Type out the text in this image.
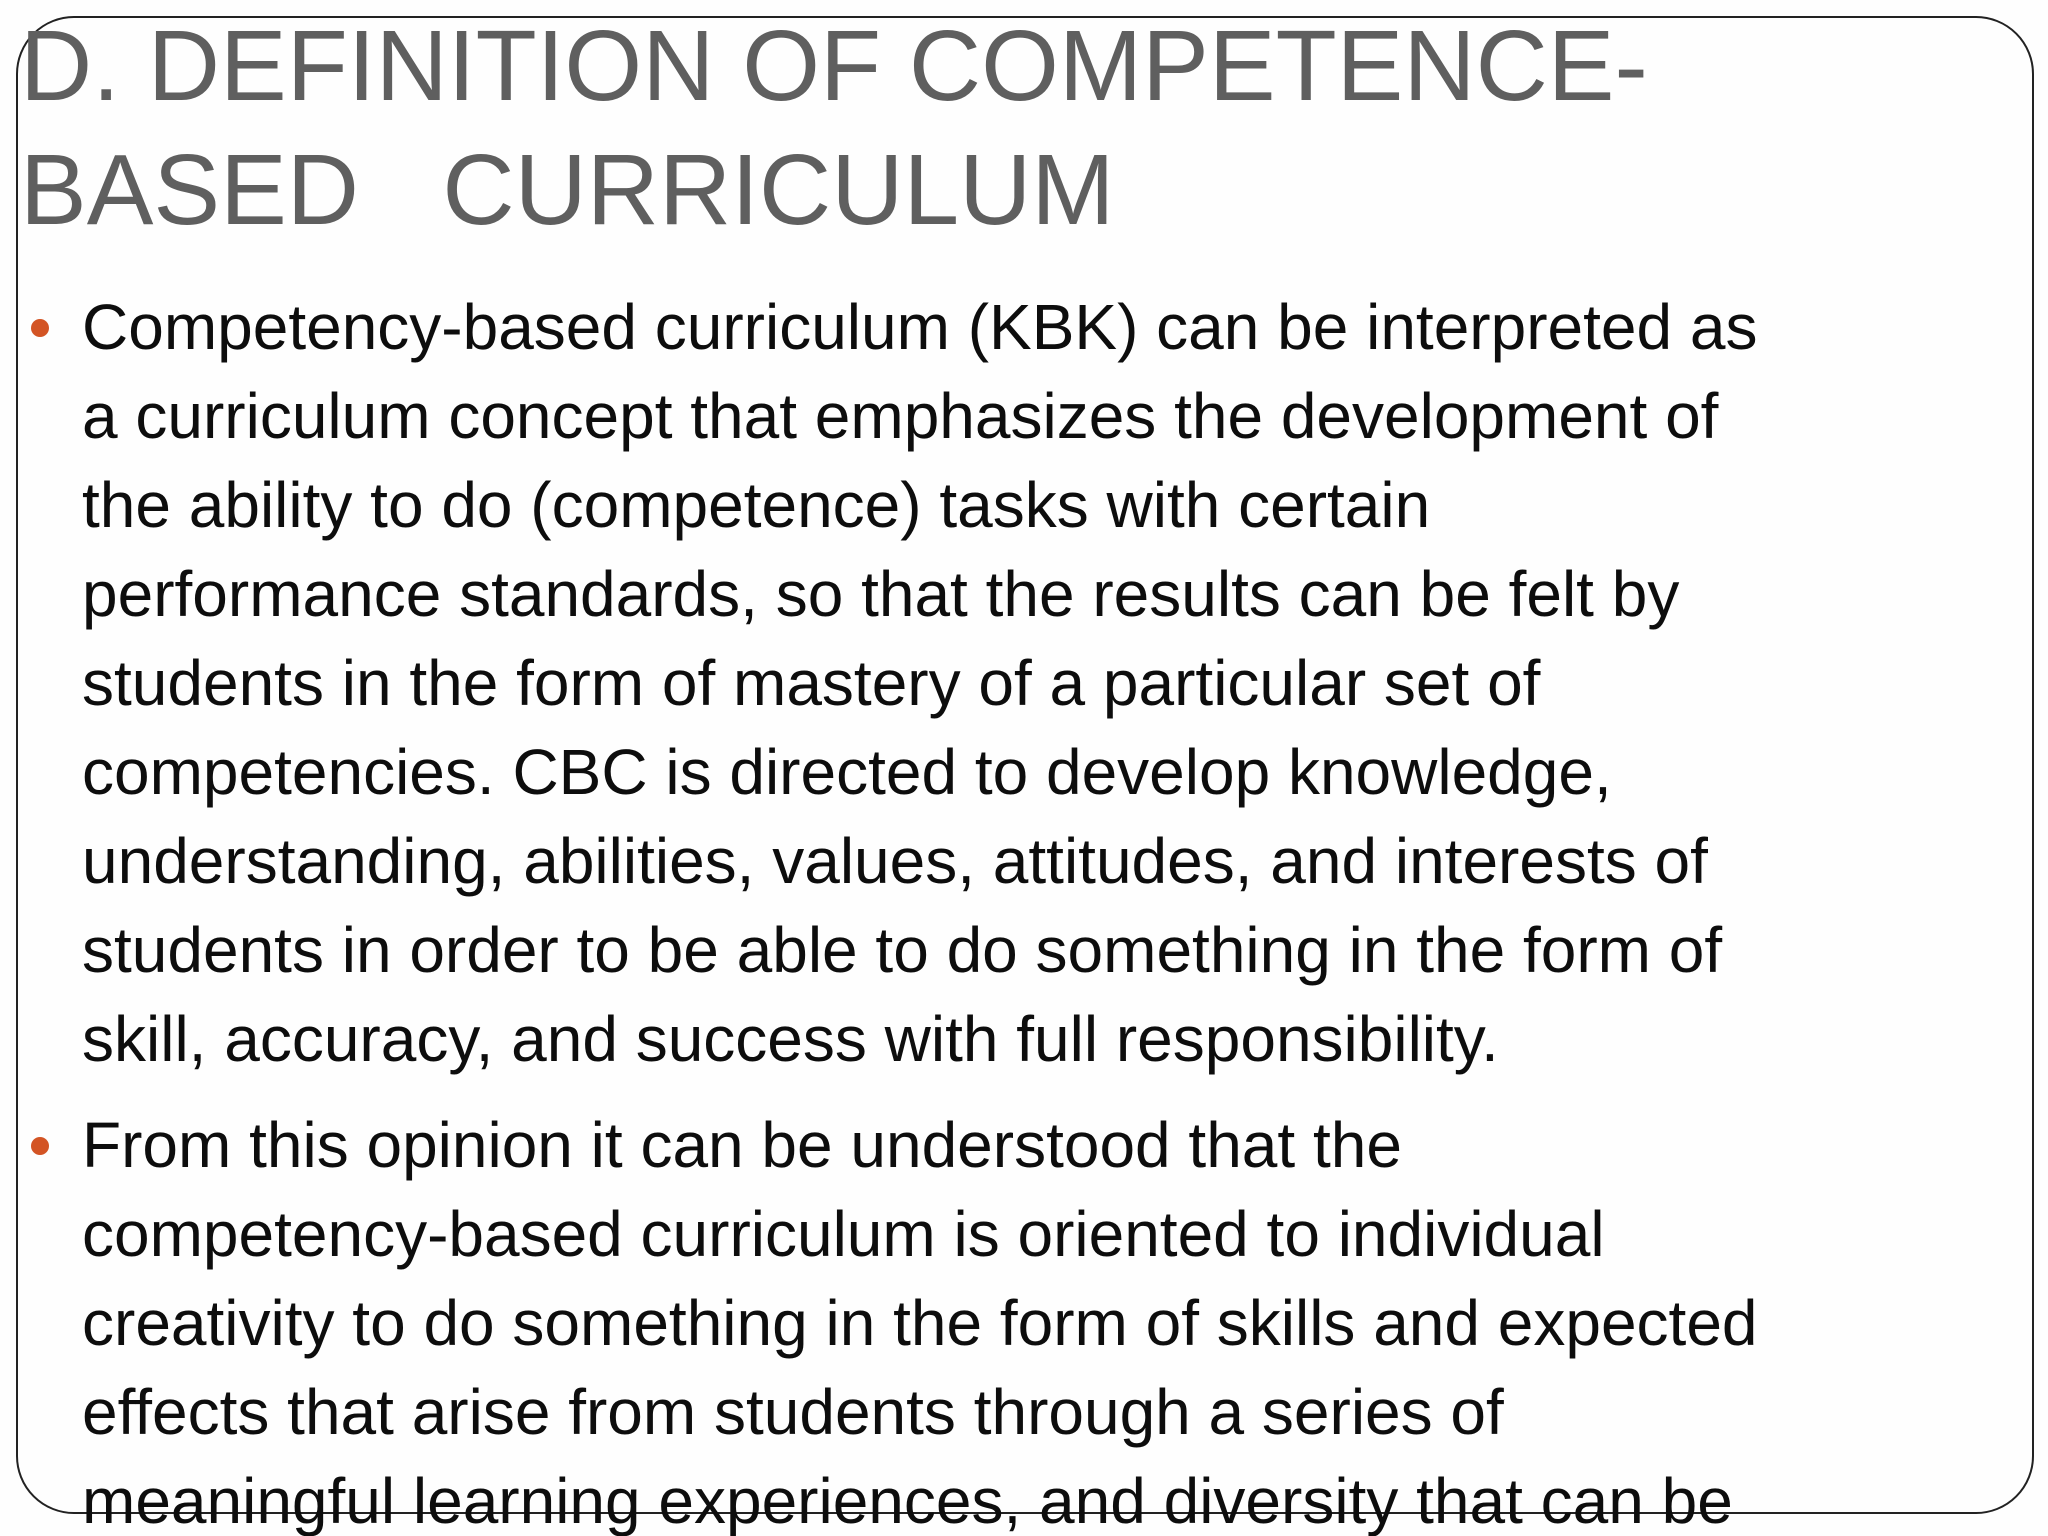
D. DEFINITION OF COMPETENCE-
BASED   CURRICULUM
Competency-based curriculum (KBK) can be interpreted as
a curriculum concept that emphasizes the development of
the ability to do (competence) tasks with certain
performance standards, so that the results can be felt by
students in the form of mastery of a particular set of
competencies. CBC is directed to develop knowledge,
understanding, abilities, values, attitudes, and interests of
students in order to be able to do something in the form of
skill, accuracy, and success with full responsibility.
From this opinion it can be understood that the
competency-based curriculum is oriented to individual
creativity to do something in the form of skills and expected
effects that arise from students through a series of
meaningful learning experiences, and diversity that can be
